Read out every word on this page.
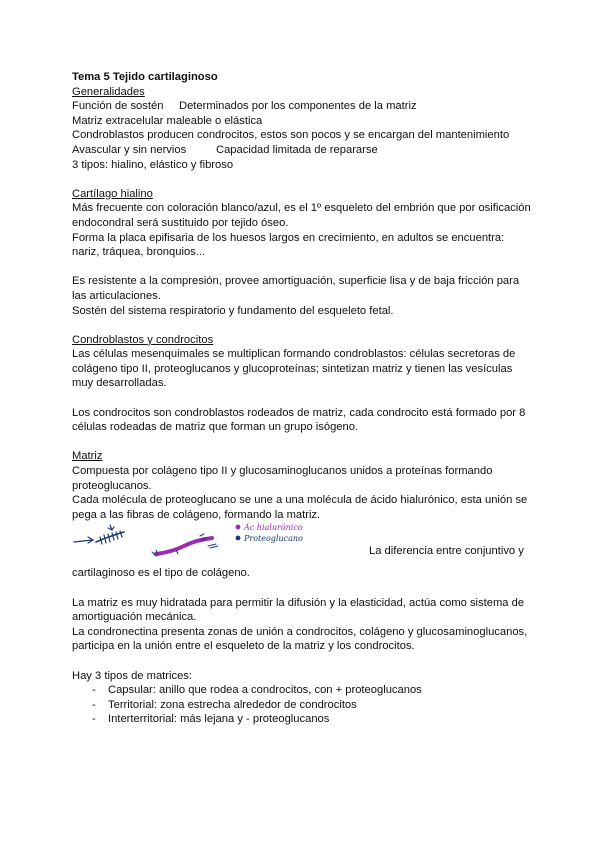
Tema 5 Tejido cartilaginoso
Generalidades
Función de sostén	Determinados por los componentes de la matriz
Matriz extracelular maleable o elástica
Condroblastos producen condrocitos, estos son pocos y se encargan del mantenimiento
Avascular y sin nervios	Capacidad limitada de repararse
3 tipos: hialino, elástico y fibroso
Cartílago hialino
Más frecuente con coloración blanco/azul, es el 1º esqueleto del embrión que por osificación
endocondral será sustituido por tejido óseo.
Forma la placa epifisaria de los huesos largos en crecimiento, en adultos se encuentra:
nariz, tráquea, bronquios...
Es resistente a la compresión, provee amortiguación, superficie lisa y de baja fricción para
las articulaciones.
Sostén del sistema respiratorio y fundamento del esqueleto fetal.
Condroblastos y condrocitos
Las células mesenquimales se multiplican formando condroblastos: células secretoras de
colágeno tipo II, proteoglucanos y glucoproteínas; sintetizan matriz y tienen las vesículas
muy desarrolladas.
Los condrocitos son condroblastos rodeados de matriz, cada condrocito está formado por 8
células rodeadas de matriz que forman un grupo isógeno.
Matriz
Compuesta por colágeno tipo II y glucosaminoglucanos unidos a proteínas formando
proteoglucanos.
Cada molécula de proteoglucano se une a una molécula de ácido hialurónico, esta unión se
pega a las fibras de colágeno, formando la matriz.
Ác hialurónico
Proteoglucano
La diferencia entre conjuntivo y
cartilaginoso es el tipo de colágeno.
La matriz es muy hidratada para permitir la difusión y la elasticidad, actúa como sistema de
amortiguación mecánica.
La condronectina presenta zonas de unión a condrocitos, colágeno y glucosaminoglucanos,
participa en la unión entre el esqueleto de la matriz y los condrocitos.
Hay 3 tipos de matrices:
- Capsular: anillo que rodea a condrocitos, con + proteoglucanos
- Territorial: zona estrecha alrededor de condrocitos
- Interterritorial: más lejana y - proteoglucanos
